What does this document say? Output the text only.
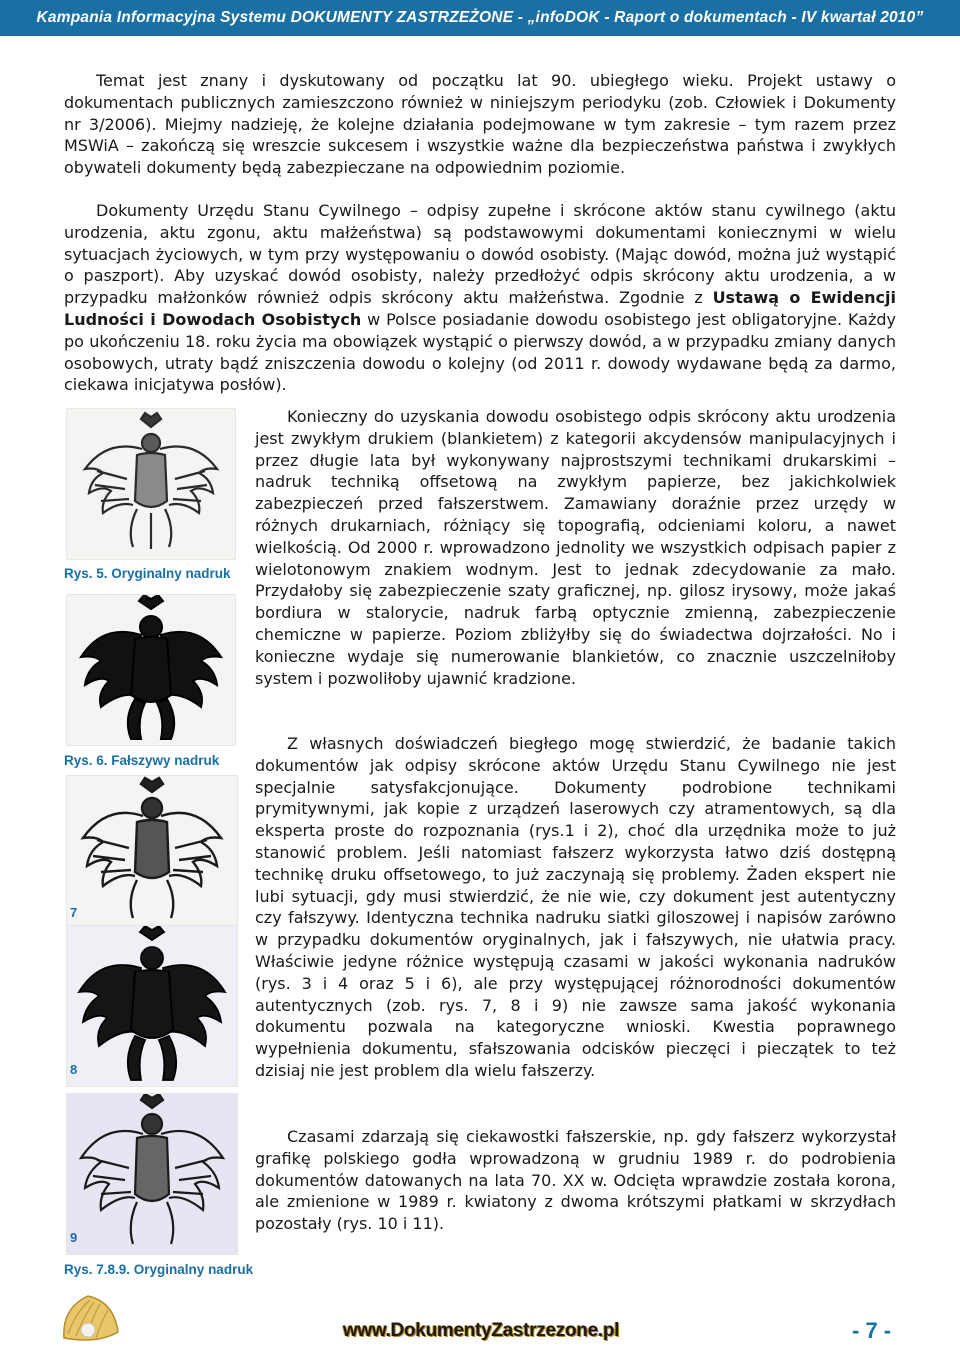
Kampania Informacyjna Systemu DOKUMENTY ZASTRZEŻONE - „infoDOK - Raport o dokumentach - IV kwartał 2010”

Temat jest znany i dyskutowany od początku lat 90. ubiegłego wieku. Projekt ustawy o dokumentach publicznych zamieszczono również w niniejszym periodyku (zob. Człowiek i Dokumenty nr 3/2006). Miejmy nadzieję, że kolejne działania podejmowane w tym zakresie – tym razem przez MSWiA – zakończą się wreszcie sukcesem i wszystkie ważne dla bezpieczeństwa państwa i zwykłych obywateli dokumenty będą zabezpieczane na odpowiednim poziomie.

Dokumenty Urzędu Stanu Cywilnego – odpisy zupełne i skrócone aktów stanu cywilnego (aktu urodzenia, aktu zgonu, aktu małżeństwa) są podstawowymi dokumentami koniecznymi w wielu sytuacjach życiowych, w tym przy występowaniu o dowód osobisty. (Mając dowód, można już wystąpić o paszport). Aby uzyskać dowód osobisty, należy przedłożyć odpis skrócony aktu urodzenia, a w przypadku małżonków również odpis skrócony aktu małżeństwa. Zgodnie z Ustawą o Ewidencji Ludności i Dowodach Osobistych w Polsce posiadanie dowodu osobistego jest obligatoryjne. Każdy po ukończeniu 18. roku życia ma obowiązek wystąpić o pierwszy dowód, a w przypadku zmiany danych osobowych, utraty bądź zniszczenia dowodu o kolejny (od 2011 r. dowody wydawane będą za darmo, ciekawa inicjatywa posłów).

Konieczny do uzyskania dowodu osobistego odpis skrócony aktu urodzenia jest zwykłym drukiem (blankietem) z kategorii akcydensów manipulacyjnych i przez długie lata był wykonywany najprostszymi technikami drukarskimi – nadruk techniką offsetową na zwykłym papierze, bez jakichkolwiek zabezpieczeń przed fałszerstwem. Zamawiany doraźnie przez urzędy w różnych drukarniach, różniący się topografią, odcieniami koloru, a nawet wielkością. Od 2000 r. wprowadzono jednolity we wszystkich odpisach papier z wielotonowym znakiem wodnym. Jest to jednak zdecydowanie za mało. Przydałoby się zabezpieczenie szaty graficznej, np. gilosz irysowy, może jakaś bordiura w stalorycie, nadruk farbą optycznie zmienną, zabezpieczenie chemiczne w papierze. Poziom zbliżyłby się do świadectwa dojrzałości. No i konieczne wydaje się numerowanie blankietów, co znacznie uszczelniłoby system i pozwoliłoby ujawnić kradzione.

Z własnych doświadczeń biegłego mogę stwierdzić, że badanie takich dokumentów jak odpisy skrócone aktów Urzędu Stanu Cywilnego nie jest specjalnie satysfakcjonujące. Dokumenty podrobione technikami prymitywnymi, jak kopie z urządzeń laserowych czy atramentowych, są dla eksperta proste do rozpoznania (rys.1 i 2), choć dla urzędnika może to już stanowić problem. Jeśli natomiast fałszerz wykorzysta łatwo dziś dostępną technikę druku offsetowego, to już zaczynają się problemy. Żaden ekspert nie lubi sytuacji, gdy musi stwierdzić, że nie wie, czy dokument jest autentyczny czy fałszywy. Identyczna technika nadruku siatki giloszowej i napisów zarówno w przypadku dokumentów oryginalnych, jak i fałszywych, nie ułatwia pracy. Właściwie jedyne różnice występują czasami w jakości wykonania nadruków (rys. 3 i 4 oraz 5 i 6), ale przy występującej różnorodności dokumentów autentycznych (zob. rys. 7, 8 i 9) nie zawsze sama jakość wykonania dokumentu pozwala na kategoryczne wnioski. Kwestia poprawnego wypełnienia dokumentu, sfałszowania odcisków pieczęci i pieczątek to też dzisiaj nie jest problem dla wielu fałszerzy.

Czasami zdarzają się ciekawostki fałszerskie, np. gdy fałszerz wykorzystał grafikę polskiego godła wprowadzoną w grudniu 1989 r. do podrobienia dokumentów datowanych na lata 70. XX w. Odcięta wprawdzie została korona, ale zmienione w 1989 r. kwiatony z dwoma krótszymi płatkami w skrzydłach pozostały (rys. 10 i 11).

Rys. 5. Oryginalny nadruk
Rys. 6. Fałszywy nadruk
7
8
9
Rys. 7.8.9. Oryginalny nadruk
www.DokumentyZastrzezone.pl	- 7 -
